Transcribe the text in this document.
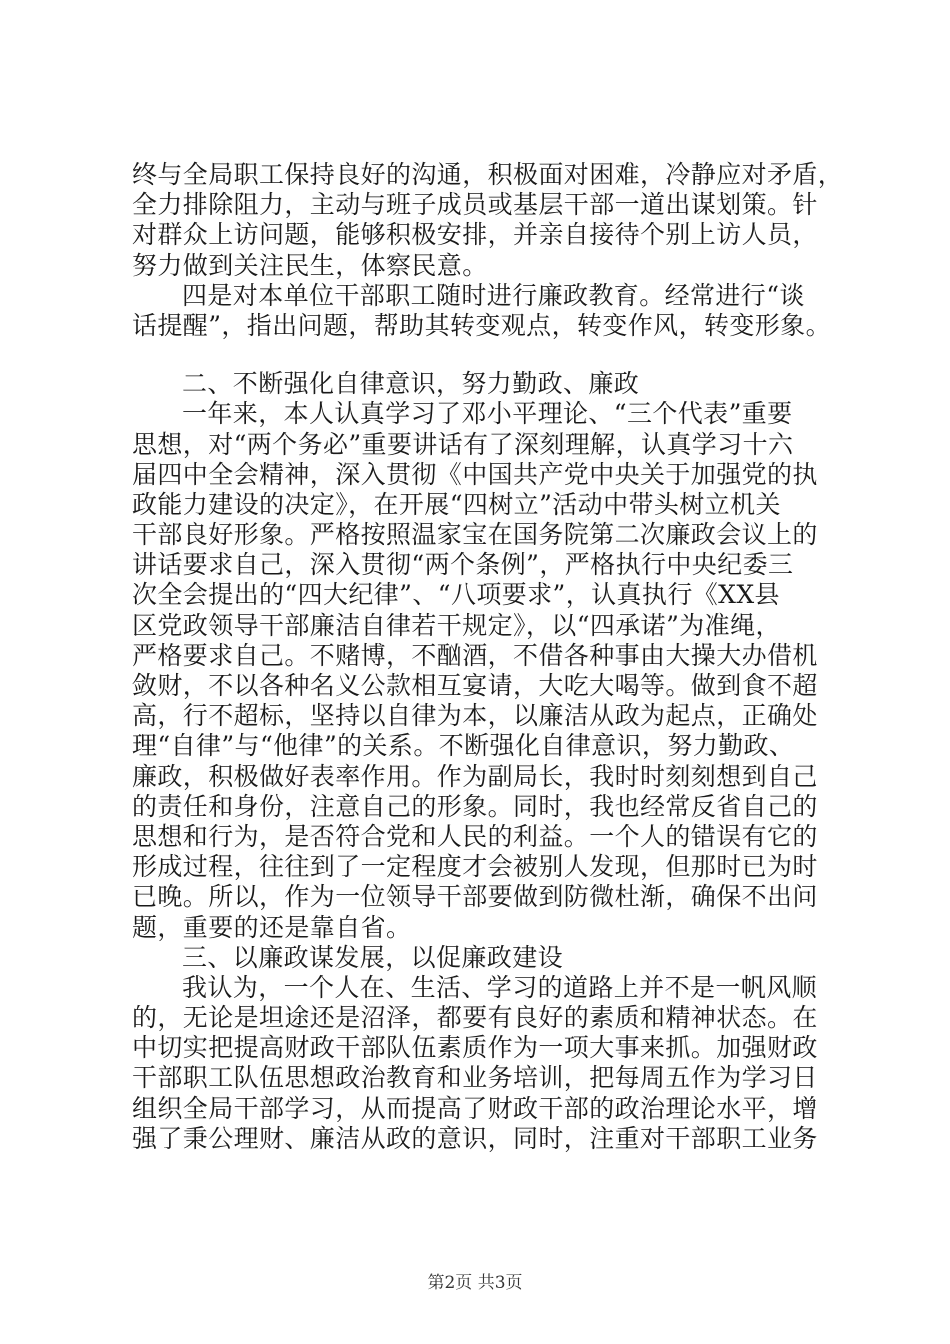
终与全局职工保持良好的沟通，积极面对困难，冷静应对矛盾，
全力排除阻力，主动与班子成员或基层干部一道出谋划策。针
对群众上访问题，能够积极安排，并亲自接待个别上访人员，
努力做到关注民生，体察民意。
四是对本单位干部职工随时进行廉政教育。经常进行“谈
话提醒”，指出问题，帮助其转变观点，转变作风，转变形象。
二、不断强化自律意识，努力勤政、廉政
一年来，本人认真学习了邓小平理论、“三个代表”重要
思想，对“两个务必”重要讲话有了深刻理解，认真学习十六
届四中全会精神，深入贯彻《中国共产党中央关于加强党的执
政能力建设的决定》，在开展“四树立”活动中带头树立机关
干部良好形象。严格按照温家宝在国务院第二次廉政会议上的
讲话要求自己，深入贯彻“两个条例”，严格执行中央纪委三
次全会提出的“四大纪律”、“八项要求”，认真执行《XX县
区党政领导干部廉洁自律若干规定》，以“四承诺”为准绳，
严格要求自己。不赌博，不酗酒，不借各种事由大操大办借机
敛财，不以各种名义公款相互宴请，大吃大喝等。做到食不超
高，行不超标，坚持以自律为本，以廉洁从政为起点，正确处
理“自律”与“他律”的关系。不断强化自律意识，努力勤政、
廉政，积极做好表率作用。作为副局长，我时时刻刻想到自己
的责任和身份，注意自己的形象。同时，我也经常反省自己的
思想和行为，是否符合党和人民的利益。一个人的错误有它的
形成过程，往往到了一定程度才会被别人发现，但那时已为时
已晚。所以，作为一位领导干部要做到防微杜渐，确保不出问
题，重要的还是靠自省。
三、以廉政谋发展，以促廉政建设
我认为，一个人在、生活、学习的道路上并不是一帆风顺
的，无论是坦途还是沼泽，都要有良好的素质和精神状态。在
中切实把提高财政干部队伍素质作为一项大事来抓。加强财政
干部职工队伍思想政治教育和业务培训，把每周五作为学习日
组织全局干部学习，从而提高了财政干部的政治理论水平，增
强了秉公理财、廉洁从政的意识，同时，注重对干部职工业务
第2页 共3页
